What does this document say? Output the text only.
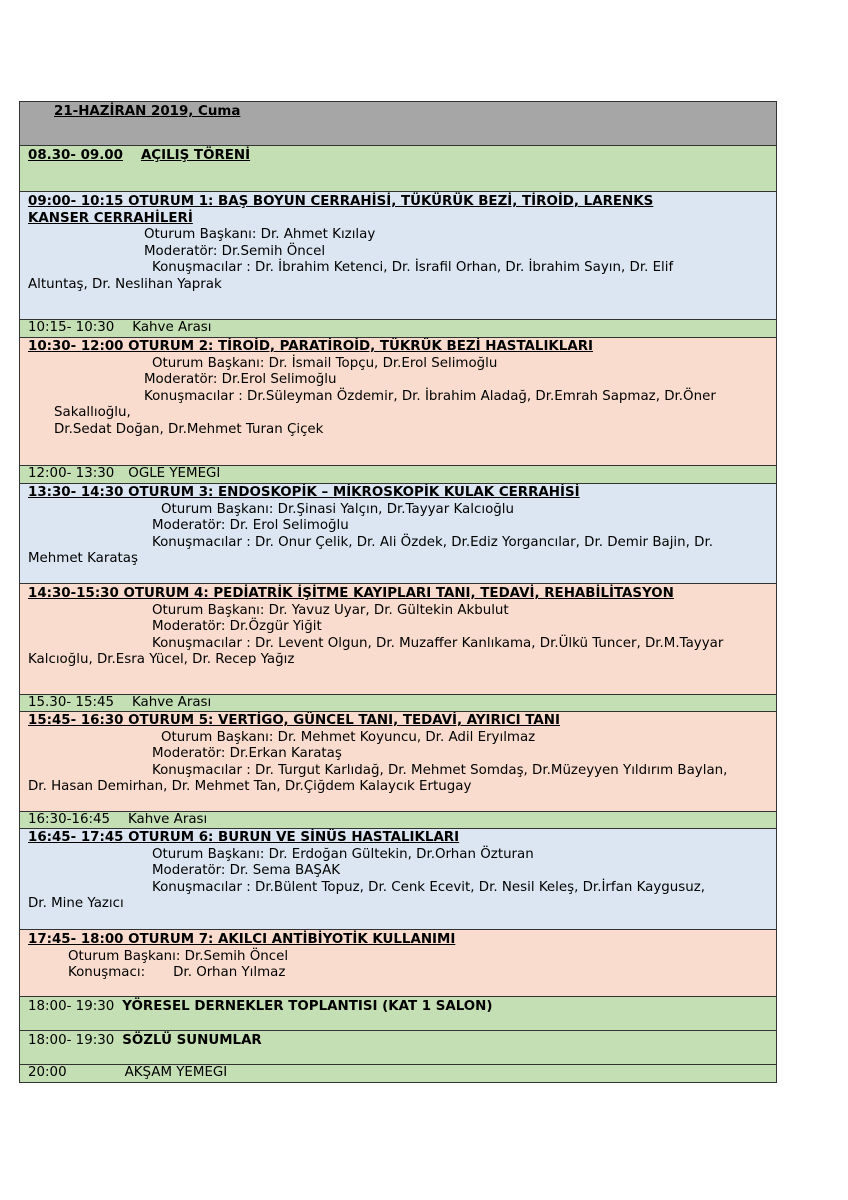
21-HAZİRAN 2019, Cuma
08.30- 09.00 AÇILIŞ TÖRENİ
09:00- 10:15 OTURUM 1: BAŞ BOYUN CERRAHİSİ, TÜKÜRÜK BEZİ, TİROİD, LARENKS
KANSER CERRAHİLERİ
Oturum Başkanı: Dr. Ahmet Kızılay
Moderatör: Dr.Semih Öncel
Konuşmacılar : Dr. İbrahim Ketenci, Dr. İsrafil Orhan, Dr. İbrahim Sayın, Dr. Elif
Altuntaş, Dr. Neslihan Yaprak
10:15- 10:30 Kahve Arası
10:30- 12:00 OTURUM 2: TİROİD, PARATİROİD, TÜKRÜK BEZİ HASTALIKLARI
Oturum Başkanı: Dr. İsmail Topçu, Dr.Erol Selimoğlu
Moderatör: Dr.Erol Selimoğlu
Konuşmacılar : Dr.Süleyman Özdemir, Dr. İbrahim Aladağ, Dr.Emrah Sapmaz, Dr.Öner
Sakallıoğlu,
Dr.Sedat Doğan, Dr.Mehmet Turan Çiçek
12:00- 13:30 ÖĞLE YEMEĞİ
13:30- 14:30 OTURUM 3: ENDOSKOPİK – MİKROSKOPİK KULAK CERRAHİSİ
Oturum Başkanı: Dr.Şinasi Yalçın, Dr.Tayyar Kalcıoğlu
Moderatör: Dr. Erol Selimoğlu
Konuşmacılar : Dr. Onur Çelik, Dr. Ali Özdek, Dr.Ediz Yorgancılar, Dr. Demir Bajin, Dr.
Mehmet Karataş
14:30-15:30 OTURUM 4: PEDİATRİK İŞİTME KAYIPLARI TANI, TEDAVİ, REHABİLİTASYON
Oturum Başkanı: Dr. Yavuz Uyar, Dr. Gültekin Akbulut
Moderatör: Dr.Özgür Yiğit
Konuşmacılar : Dr. Levent Olgun, Dr. Muzaffer Kanlıkama, Dr.Ülkü Tuncer, Dr.M.Tayyar
Kalcıoğlu, Dr.Esra Yücel, Dr. Recep Yağız
15.30- 15:45 Kahve Arası
15:45- 16:30 OTURUM 5: VERTİGO, GÜNCEL TANI, TEDAVİ, AYIRICI TANI
Oturum Başkanı: Dr. Mehmet Koyuncu, Dr. Adil Eryılmaz
Moderatör: Dr.Erkan Karataş
Konuşmacılar : Dr. Turgut Karlıdağ, Dr. Mehmet Somdaş, Dr.Müzeyyen Yıldırım Baylan,
Dr. Hasan Demirhan, Dr. Mehmet Tan, Dr.Çiğdem Kalaycık Ertugay
16:30-16:45 Kahve Arası
16:45- 17:45 OTURUM 6: BURUN VE SİNÜS HASTALIKLARI
Oturum Başkanı: Dr. Erdoğan Gültekin, Dr.Orhan Özturan
Moderatör: Dr. Sema BAŞAK
Konuşmacılar : Dr.Bülent Topuz, Dr. Cenk Ecevit, Dr. Nesil Keleş, Dr.İrfan Kaygusuz,
Dr. Mine Yazıcı
17:45- 18:00 OTURUM 7: AKILCI ANTİBİYOTİK KULLANIMI
Oturum Başkanı: Dr.Semih Öncel
Konuşmacı: Dr. Orhan Yılmaz
18:00- 19:30 YÖRESEL DERNEKLER TOPLANTISI (KAT 1 SALON)
18:00- 19:30 SÖZLÜ SUNUMLAR
20:00	AKŞAM YEMEĞİ
